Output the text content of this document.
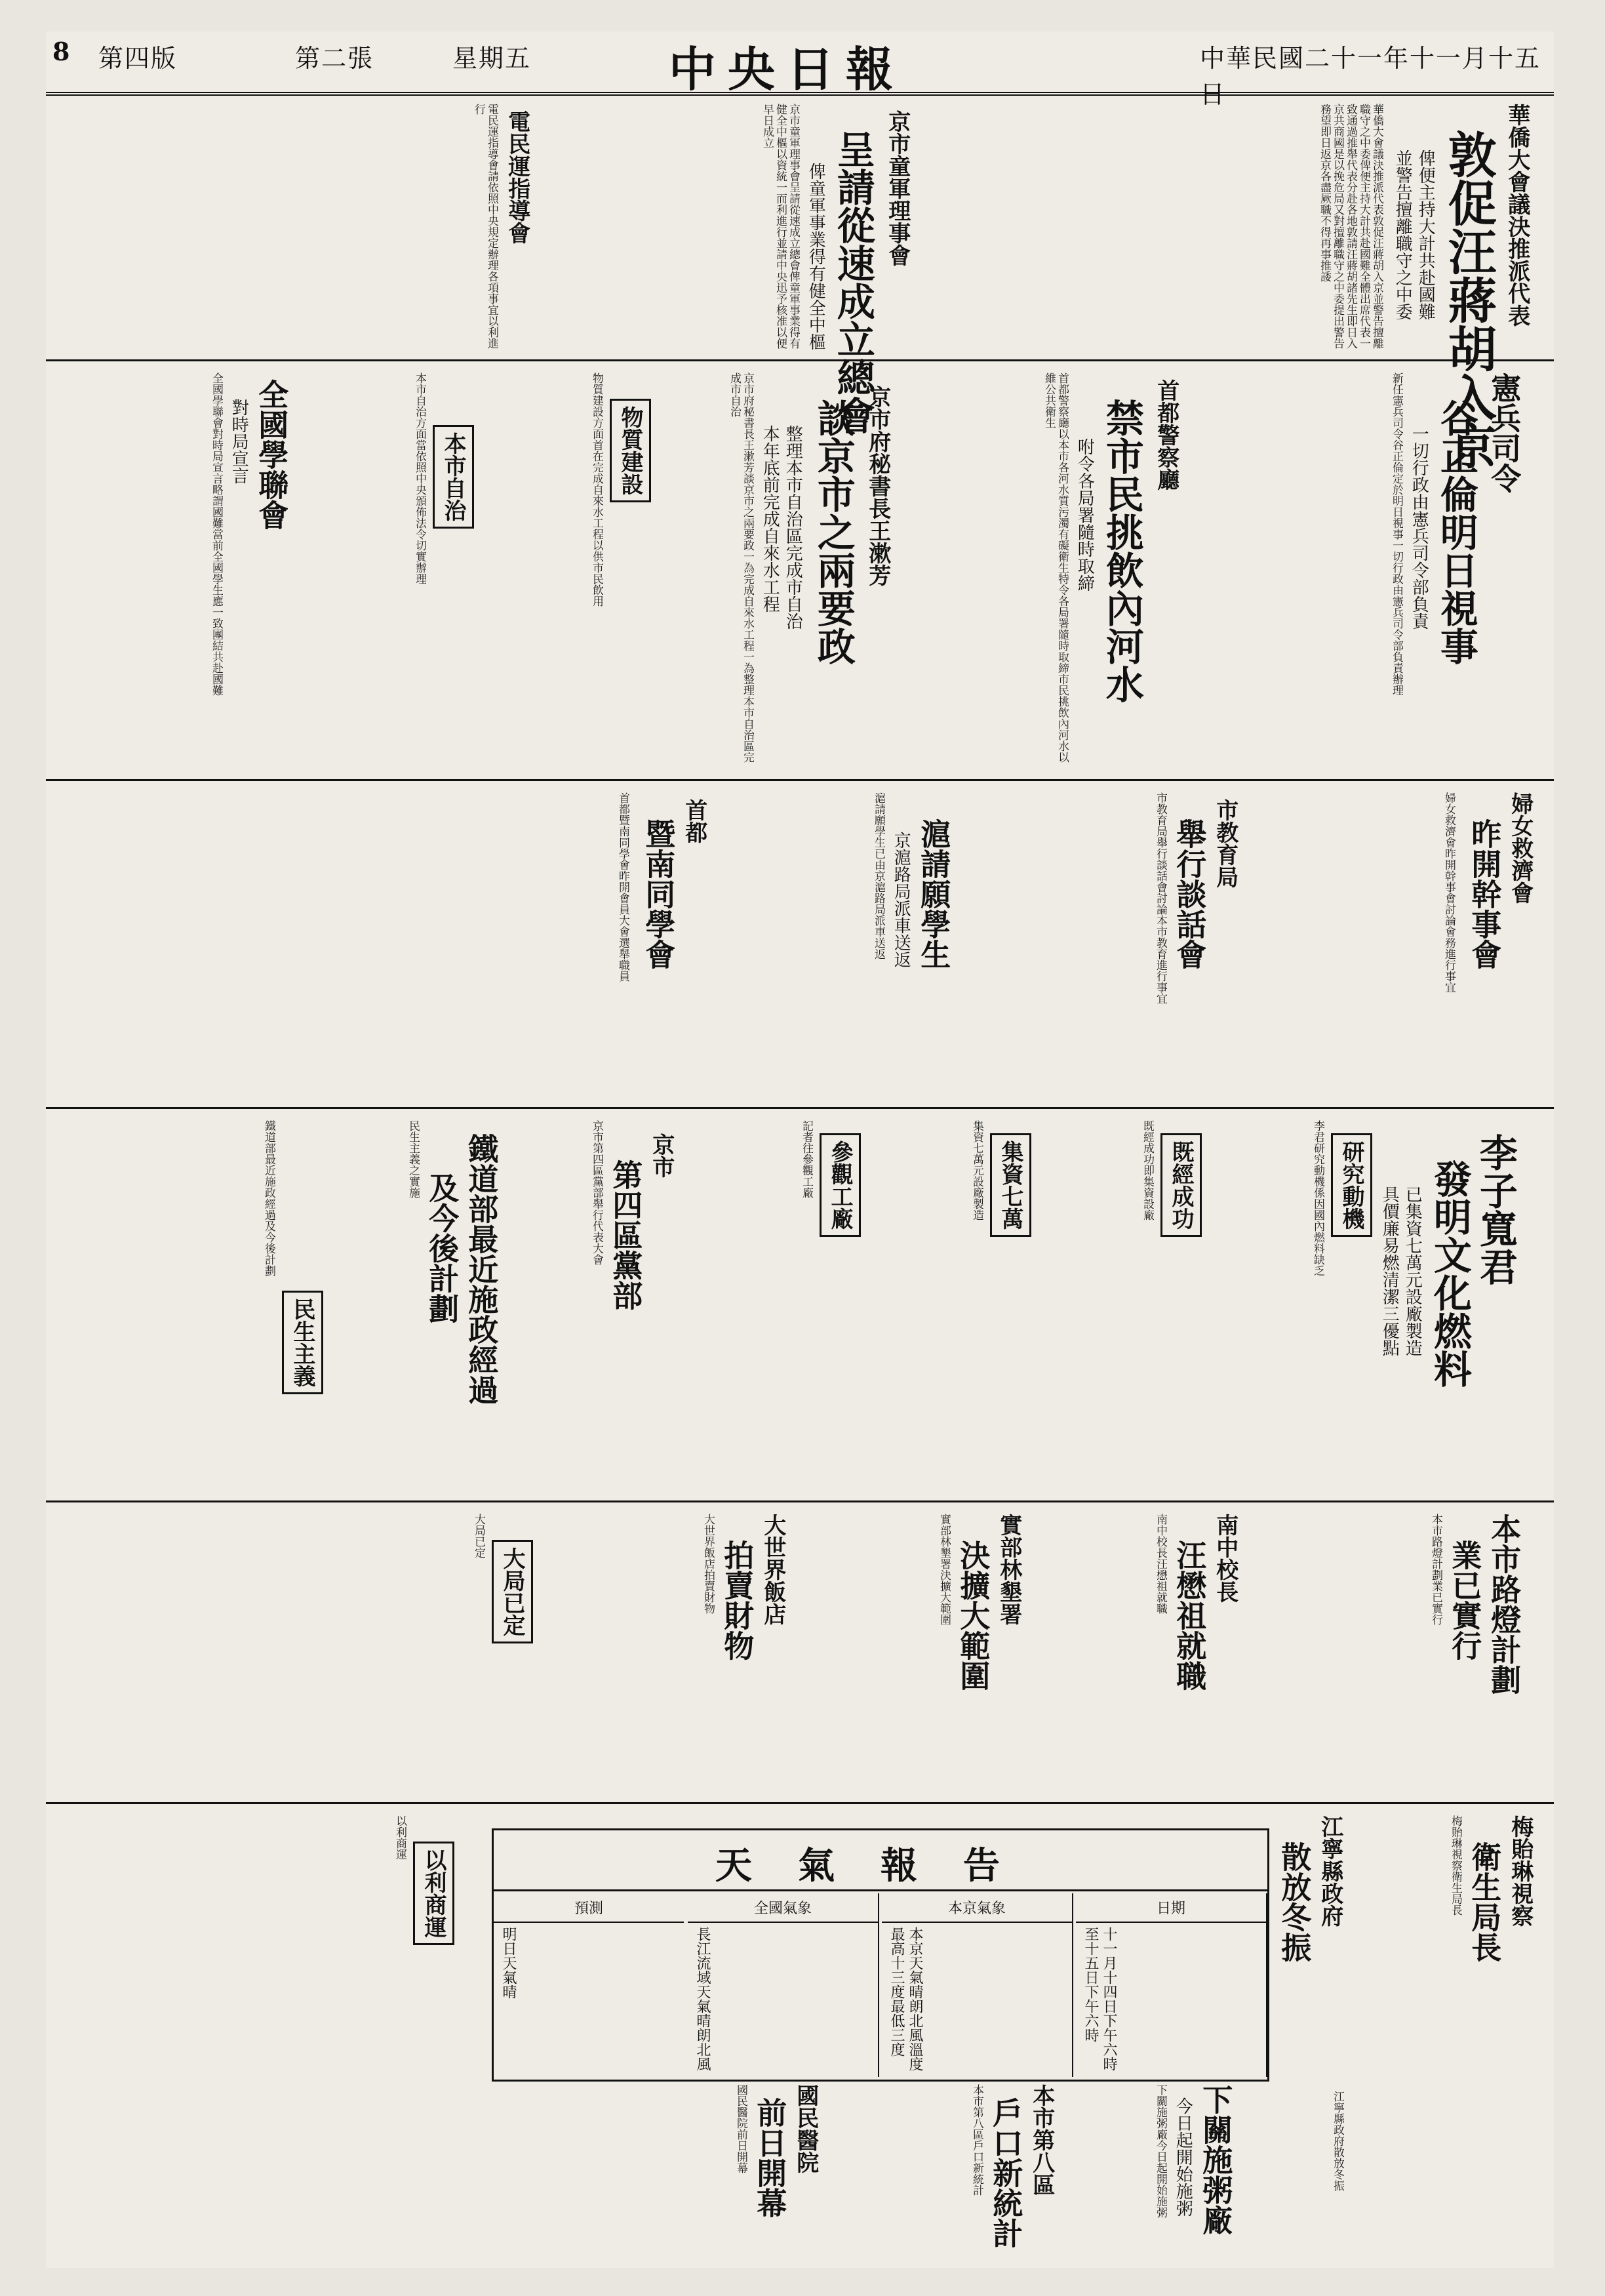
中華民國二十一年十一月十五日
中央日報
星期五
第二張
第四版
8
華僑大會議決推派代表
敦促汪蔣胡入京
俾便主持大計共赴國難
並警告擅離職守之中委
華僑大會議決推派代表敦促汪蔣胡入京並警告擅離職守之中委俾便主持大計共赴國難全體出席代表一致通過推舉代表分赴各地敦請汪蔣胡諸先生即日入京共商國是以挽危局又對擅離職守之中委提出警告務望即日返京各盡厥職不得再事推諉
京市童軍理事會
呈請從速成立總會
俾童軍事業得有健全中樞
京市童軍理事會呈請從速成立總會俾童軍事業得有健全中樞以資統一而利進行並請中央迅予核准以便早日成立
電民運指導會
電民運指導會請依照中央規定辦理各項事宜以利進行
憲兵司令
谷正倫明日視事
一切行政由憲兵司令部負責
新任憲兵司令谷正倫定於明日視事一切行政由憲兵司令部負責辦理
首都警察廳
禁市民挑飲內河水
咐令各局署隨時取締
首都警察廳以本市各河水質污濁有礙衛生特令各局署隨時取締市民挑飲內河水以維公共衛生
京市府秘書長王漱芳
談京市之兩要政
整理本市自治區完成市自治
本年底前完成自來水工程
京市府秘書長王漱芳談京市之兩要政一為完成自來水工程一為整理本市自治區完成市自治
物質建設
物質建設方面首在完成自來水工程以供市民飲用
本市自治
本市自治方面當依照中央頒佈法令切實辦理
全國學聯會
對時局宣言
全國學聯會對時局宣言略謂國難當前全國學生應一致團結共赴國難
婦女救濟會
昨開幹事會
婦女救濟會昨開幹事會討論會務進行事宜
市教育局
舉行談話會
市教育局舉行談話會討論本市教育進行事宜
滬請願學生
京滬路局派車送返
滬請願學生已由京滬路局派車送返
首都
暨南同學會
首都暨南同學會昨開會員大會選舉職員
李子寬君
發明文化燃料
已集資七萬元設廠製造
具價廉易燃清潔三優點
研究動機
李君研究動機係因國內燃料缺乏
既經成功
既經成功即集資設廠
集資七萬
集資七萬元設廠製造
參觀工廠
記者往參觀工廠
京市
第四區黨部
京市第四區黨部舉行代表大會
鐵道部最近施政經過
及今後計劃
民生主義
鐵道部最近施政經過及今後計劃	民生主義之實施
本市路燈計劃
業已實行
本市路燈計劃業已實行
南中校長
汪懋祖就職
南中校長汪懋祖就職
實部林墾署
決擴大範圍
實部林墾署決擴大範圍
大世界飯店
拍賣財物
大世界飯店拍賣財物
大局已定
大局已定
梅貽琳視察
衛生局長
梅貽琳視察衛生局長
江寧縣政府
散放冬振
江寧縣政府散放冬振
下關施粥廠
今日起開始施粥
下關施粥廠今日起開始施粥
本市第八區
戶口新統計
本市第八區戶口新統計
國民醫院
前日開幕
國民醫院前日開幕
以利商運
以利商運
天氣報告
日期
十一月十四日下午六時至十五日下午六時
本京氣象
本京天氣晴朗北風溫度最高十三度最低三度
全國氣象
長江流域天氣晴朗北風
預測
明日天氣晴
